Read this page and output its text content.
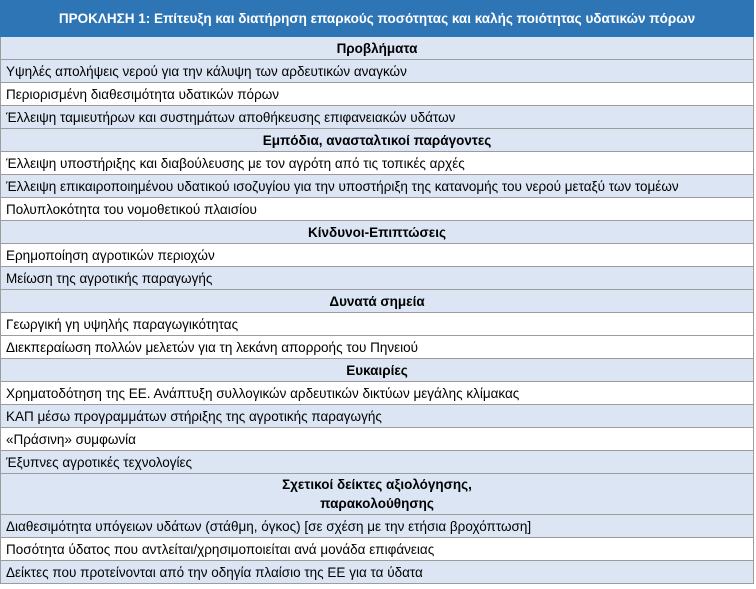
ΠΡΟΚΛΗΣΗ 1: Επίτευξη και διατήρηση επαρκούς ποσότητας και καλής ποιότητας υδατικών πόρων
Προβλήματα
Υψηλές απολήψεις νερού για την κάλυψη των αρδευτικών αναγκών
Περιορισμένη διαθεσιμότητα υδατικών πόρων
Έλλειψη ταμιευτήρων και συστημάτων αποθήκευσης επιφανειακών υδάτων
Εμπόδια, ανασταλτικοί παράγοντες
Έλλειψη υποστήριξης και διαβούλευσης με τον αγρότη από τις τοπικές αρχές
Έλλειψη επικαιροποιημένου υδατικού ισοζυγίου για την υποστήριξη της κατανομής του νερού μεταξύ των τομέων
Πολυπλοκότητα του νομοθετικού πλαισίου
Κίνδυνοι-Επιπτώσεις
Ερημοποίηση αγροτικών περιοχών
Μείωση της αγροτικής παραγωγής
Δυνατά σημεία
Γεωργική γη υψηλής παραγωγικότητας
Διεκπεραίωση πολλών μελετών για τη λεκάνη απορροής του Πηνειού
Ευκαιρίες
Χρηματοδότηση της ΕΕ. Ανάπτυξη συλλογικών αρδευτικών δικτύων μεγάλης κλίμακας
ΚΑΠ μέσω προγραμμάτων στήριξης της αγροτικής παραγωγής
«Πράσινη» συμφωνία
Έξυπνες αγροτικές τεχνολογίες
Σχετικοί δείκτες αξιολόγησης,
παρακολούθησης
Διαθεσιμότητα υπόγειων υδάτων (στάθμη, όγκος) [σε σχέση με την ετήσια βροχόπτωση]
Ποσότητα ύδατος που αντλείται/χρησιμοποιείται ανά μονάδα επιφάνειας
Δείκτες που προτείνονται από την οδηγία πλαίσιο της ΕΕ για τα ύδατα
